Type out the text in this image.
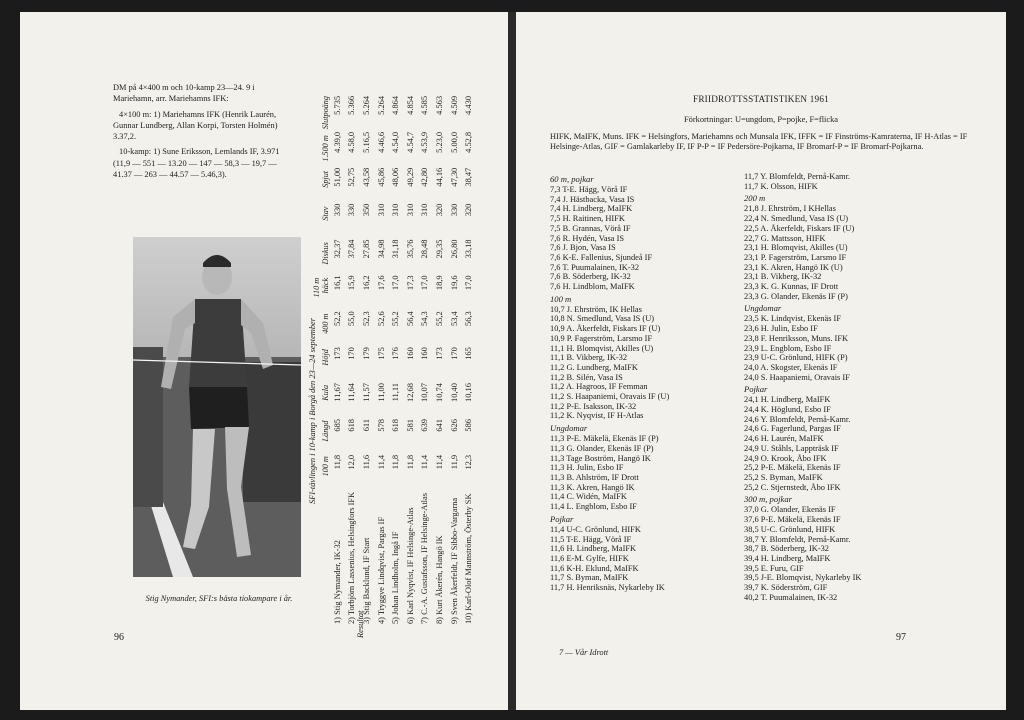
DM på 4×400 m och 10-kamp 23—24. 9 i Mariehamn, arr. Mariehamns IFK:

4×100 m: 1) Mariehamns IFK (Henrik Laurén, Gunnar Lundberg, Allan Korpi, Torsten Holmén) 3.37,2.

10-kamp: 1) Sune Eriksson, Lemlands IF, 3.971 (11,9 — 551 — 13.20 — 147 — 58,3 — 19,7 — 41.37 — 263 — 44.57 — 5.46,3).

Stig Nymander, SFI:s bästa tiokampare i år.
96
SFI-tävlingen i 10-kamp i Borgå den 23—24 september
Resultat
100 m
Längd
Kula
Höjd
400 m
110 m häck
Diskus
Stav
Spjut
1.500 m
Slutpoäng
1) Stig Nymander, IK-32
11,8
685
11,67
173
52,2
16,1
32,37
330
51,00
4.39,0
5.735
2) Torbjörn Lassenius, Helsingfors IFK
12,0
618
11,64
170
55,0
15,9
37,84
330
52,75
4.58,0
5.366
3) Stig Backlund, IF Start
11,6
611
11,57
179
52,3
16,2
27,85
350
43,58
5.16,5
5.264
4) Tryggve Lindqvist, Pargas IF
11,4
578
11,00
175
52,6
17,6
34,98
310
45,86
4.46,6
5.264
5) Johan Lindholm, Ingå IF
11,8
618
11,11
176
55,2
17,0
31,18
310
48,06
4.54,0
4.864
6) Karl Nyqvist, IF Helsinge-Atlas
11,8
581
12,68
160
56,4
17,3
35,76
310
49,29
4.54,7
4.854
7) C.-A. Gustafsson, IF Helsinge-Atlas
11,4
639
10,07
160
54,3
17,0
28,48
310
42,80
4.53,9
4.585
8) Kurt Åkerén, Hangö IK
11,4
641
10,74
173
55,2
18,9
29,35
320
44,16
5.23,0
4.563
9) Sven Åkerfeldt, IF Sibbo-Vargarna
11,9
626
10,40
170
53,4
19,6
26,80
330
47,30
5.00,0
4.509
10) Karl-Olof Mannström, Österby SK
12,3
586
10,16
165
56,3
17,0
33,18
320
38,47
4.52,8
4.430	FRIIDROTTSSTATISTIKEN 1961
Förkortningar: U=ungdom, P=pojke, F=flicka
HIFK, MaIFK, Muns. IFK = Helsingfors, Mariehamns och Munsala IFK, IFFK = IF Finströms-Kamraterna, IF H-Atlas = IF Helsinge-Atlas, GIF = Gamlakarleby IF, IF P-P = IF Pedersöre-Pojkarna, IF Bromarf-P = IF Bromarf-Pojkarna.
60 m, pojkar
7,3 T-E. Hägg, Vörå IF
7,4 J. Hästbacka, Vasa IS
7,4 H. Lindberg, MaIFK
7,5 H. Raitinen, HIFK
7,5 B. Grannas, Vörå IF
7,6 R. Hydén, Vasa IS
7,6 J. Bjon, Vasa IS
7,6 K-E. Fallenius, Sjundeå IF
7,6 T. Puumalainen, IK-32
7,6 B. Söderberg, IK-32
7,6 H. Lindblom, MaIFK
100 m
10,7 J. Ehrström, IK Hellas
10,8 N. Smedlund, Vasa IS (U)
10,9 A. Åkerfeldt, Fiskars IF (U)
10,9 P. Fagerström, Larsmo IF
11,1 H. Blomqvist, Akilles (U)
11,1 B. Vikberg, IK-32
11,2 G. Lundberg, MaIFK
11,2 B. Silén, Vasa IS
11,2 A. Hagroos, IF Femman
11,2 S. Haapaniemi, Oravais IF (U)
11,2 P-E. Isaksson, IK-32
11,2 K. Nyqvist, IF H-Atlas
Ungdomar
11,3 P-E. Mäkelä, Ekenäs IF (P)
11,3 G. Olander, Ekenäs IF (P)
11,3 Tage Boström, Hangö IK
11,3 H. Julin, Esbo IF
11,3 B. Ahlström, IF Drott
11,3 K. Akren, Hangö IK
11,4 C. Widén, MaIFK
11,4 L. Engblom, Esbo IF
Pojkar
11,4 U-C. Grönlund, HIFK
11,5 T-E. Hägg, Vörå IF
11,6 H. Lindberg, MaIFK
11,6 E-M. Gylfe, HIFK
11,6 K-H. Eklund, MaIFK
11,7 S. Byman, MaIFK
11,7 H. Henriksnäs, Nykarleby IK
11,7 Y. Blomfeldt, Pernå-Kamr.
11,7 K. Olsson, HIFK
200 m
21,8 J. Ehrström, I KHellas
22,4 N. Smedlund, Vasa IS (U)
22,5 A. Åkerfeldt, Fiskars IF (U)
22,7 G. Mattsson, HIFK
23,1 H. Blomqvist, Akilles (U)
23,1 P. Fagerström, Larsmo IF
23,1 K. Akren, Hangö IK (U)
23,1 B. Vikberg, IK-32
23,3 K. G. Kunnas, IF Drott
23,3 G. Olander, Ekenäs IF (P)
Ungdomar
23,5 K. Lindqvist, Ekenäs IF
23,6 H. Julin, Esbo IF
23,8 F. Henriksson, Muns. IFK
23,9 L. Engblom, Esbo IF
23,9 U-C. Grönlund, HIFK (P)
24,0 A. Skogster, Ekenäs IF
24,0 S. Haapaniemi, Oravais IF
Pojkar
24,1 H. Lindberg, MaIFK
24,4 K. Höglund, Esbo IF
24,6 Y. Blomfeldt, Pernå-Kamr.
24,6 G. Fagerlund, Pargas IF
24,6 H. Laurén, MaIFK
24,9 U. Ståhls, Lappträsk IF
24,9 O. Krook, Åbo IFK
25,2 P-E. Mäkelä, Ekenäs IF
25,2 S. Byman, MaIFK
25,2 C. Stjernstedt, Åbo IFK
300 m, pojkar
37,0 G. Olander, Ekenäs IF
37,6 P-E. Mäkelä, Ekenäs IF
38,5 U-C. Grönlund, HIFK
38,7 Y. Blomfeldt, Pernå-Kamr.
38,7 B. Söderberg, IK-32
39,4 H. Lindberg, MaIFK
39,5 E. Furu, GIF
39,5 J-E. Blomqvist, Nykarleby IK
39,7 K. Söderström, GIF
40,2 T. Puumalainen, IK-32
7 — Vår Idrott
97
